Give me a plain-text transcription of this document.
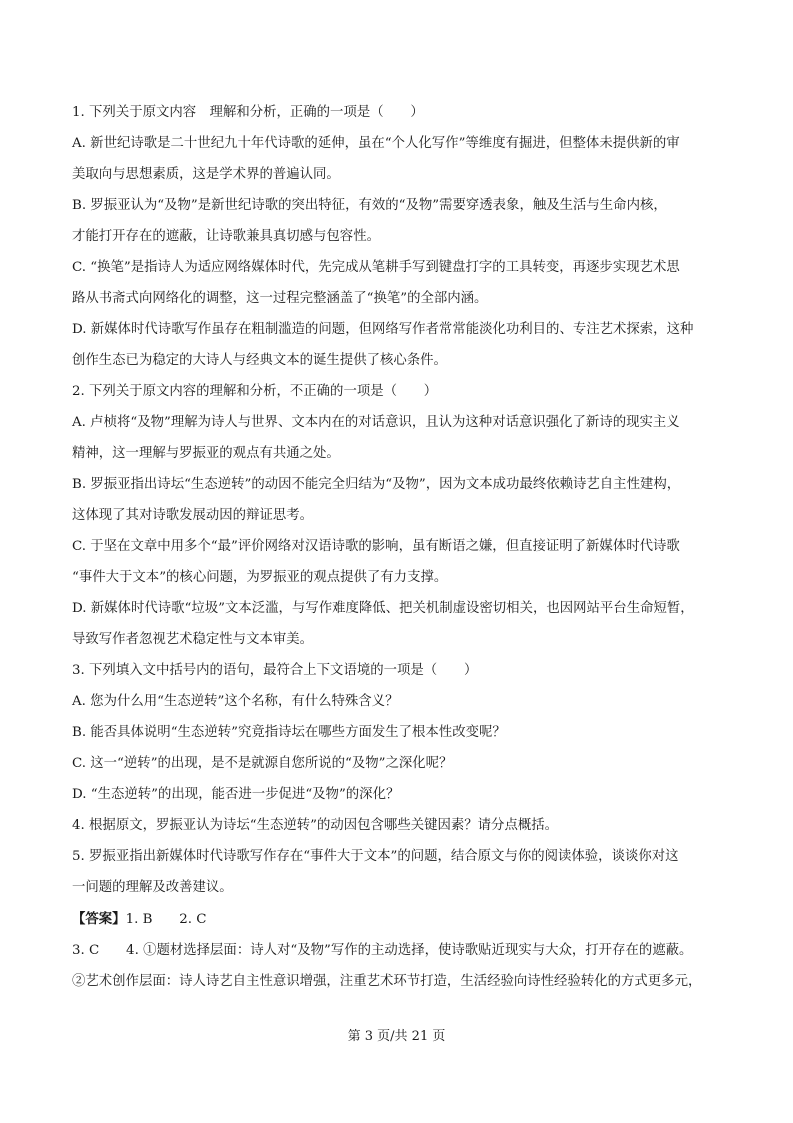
1. 下列关于原文内容　理解和分析，正确的一项是（　　）
A. 新世纪诗歌是二十世纪九十年代诗歌的延伸，虽在“个人化写作”等维度有掘进，但整体未提供新的审
美取向与思想素质，这是学术界的普遍认同。
B. 罗振亚认为“及物”是新世纪诗歌的突出特征，有效的“及物”需要穿透表象，触及生活与生命内核，
才能打开存在的遮蔽，让诗歌兼具真切感与包容性。
C. “换笔”是指诗人为适应网络媒体时代，先完成从笔耕手写到键盘打字的工具转变，再逐步实现艺术思
路从书斋式向网络化的调整，这一过程完整涵盖了“换笔”的全部内涵。
D. 新媒体时代诗歌写作虽存在粗制滥造的问题，但网络写作者常常能淡化功利目的、专注艺术探索，这种
创作生态已为稳定的大诗人与经典文本的诞生提供了核心条件。
2. 下列关于原文内容的理解和分析，不正确的一项是（　　）
A. 卢桢将“及物”理解为诗人与世界、文本内在的对话意识，且认为这种对话意识强化了新诗的现实主义
精神，这一理解与罗振亚的观点有共通之处。
B. 罗振亚指出诗坛“生态逆转”的动因不能完全归结为“及物”，因为文本成功最终依赖诗艺自主性建构，
这体现了其对诗歌发展动因的辩证思考。
C. 于坚在文章中用多个“最”评价网络对汉语诗歌的影响，虽有断语之嫌，但直接证明了新媒体时代诗歌
“事件大于文本”的核心问题，为罗振亚的观点提供了有力支撑。
D. 新媒体时代诗歌“垃圾”文本泛滥，与写作难度降低、把关机制虚设密切相关，也因网站平台生命短暂，
导致写作者忽视艺术稳定性与文本审美。
3. 下列填入文中括号内的语句，最符合上下文语境的一项是（　　）
A. 您为什么用“生态逆转”这个名称，有什么特殊含义？
B. 能否具体说明“生态逆转”究竟指诗坛在哪些方面发生了根本性改变呢？
C. 这一“逆转”的出现，是不是就源自您所说的“及物”之深化呢？
D. “生态逆转”的出现，能否进一步促进“及物”的深化？
4. 根据原文，罗振亚认为诗坛“生态逆转”的动因包含哪些关键因素？请分点概括。
5. 罗振亚指出新媒体时代诗歌写作存在“事件大于文本”的问题，结合原文与你的阅读体验，谈谈你对这
一问题的理解及改善建议。
【答案】1. B　　2. C
3. C　　4. ①题材选择层面：诗人对“及物”写作的主动选择，使诗歌贴近现实与大众，打开存在的遮蔽。
②艺术创作层面：诗人诗艺自主性意识增强，注重艺术环节打造，生活经验向诗性经验转化的方式更多元，
第 3 页/共 21 页
